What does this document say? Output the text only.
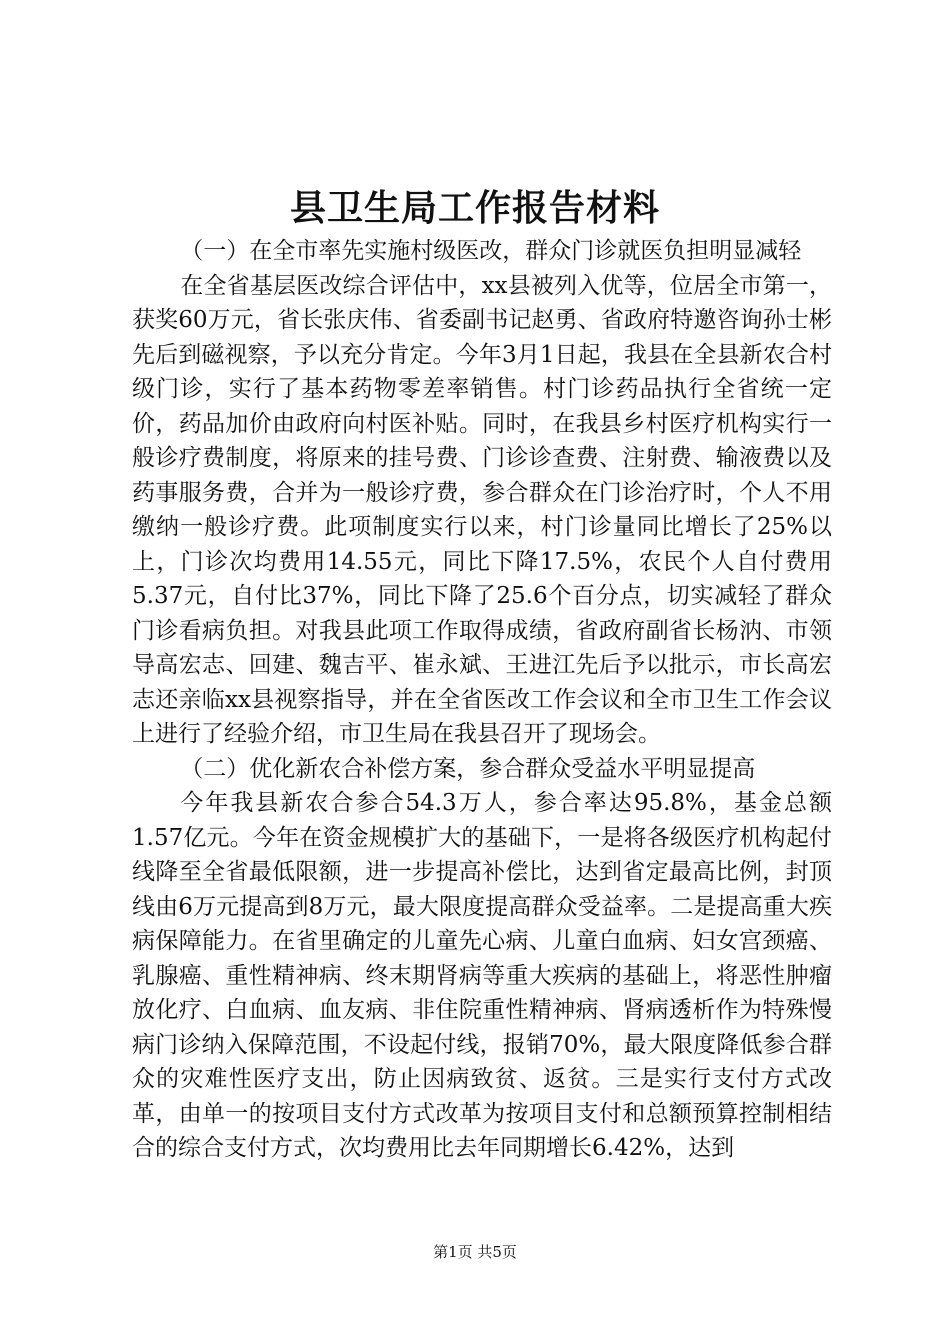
县卫生局工作报告材料

（一）在全市率先实施村级医改，群众门诊就医负担明显减轻

在全省基层医改综合评估中，xx县被列入优等，位居全市第一，获奖60万元，省长张庆伟、省委副书记赵勇、省政府特邀咨询孙士彬先后到磁视察，予以充分肯定。今年3月1日起，我县在全县新农合村级门诊，实行了基本药物零差率销售。村门诊药品执行全省统一定价，药品加价由政府向村医补贴。同时，在我县乡村医疗机构实行一般诊疗费制度，将原来的挂号费、门诊诊查费、注射费、输液费以及药事服务费，合并为一般诊疗费，参合群众在门诊治疗时，个人不用缴纳一般诊疗费。此项制度实行以来，村门诊量同比增长了25%以上，门诊次均费用14.55元，同比下降17.5%，农民个人自付费用5.37元，自付比37%，同比下降了25.6个百分点，切实减轻了群众门诊看病负担。对我县此项工作取得成绩，省政府副省长杨汭、市领导高宏志、回建、魏吉平、崔永斌、王进江先后予以批示，市长高宏志还亲临xx县视察指导，并在全省医改工作会议和全市卫生工作会议上进行了经验介绍，市卫生局在我县召开了现场会。

（二）优化新农合补偿方案，参合群众受益水平明显提高

今年我县新农合参合54.3万人，参合率达95.8%，基金总额1.57亿元。今年在资金规模扩大的基础下，一是将各级医疗机构起付线降至全省最低限额，进一步提高补偿比，达到省定最高比例，封顶线由6万元提高到8万元，最大限度提高群众受益率。二是提高重大疾病保障能力。在省里确定的儿童先心病、儿童白血病、妇女宫颈癌、乳腺癌、重性精神病、终末期肾病等重大疾病的基础上，将恶性肿瘤放化疗、白血病、血友病、非住院重性精神病、肾病透析作为特殊慢病门诊纳入保障范围，不设起付线，报销70%，最大限度降低参合群众的灾难性医疗支出，防止因病致贫、返贫。三是实行支付方式改革，由单一的按项目支付方式改革为按项目支付和总额预算控制相结合的综合支付方式，次均费用比去年同期增长6.42%，达到

第1页 共5页
